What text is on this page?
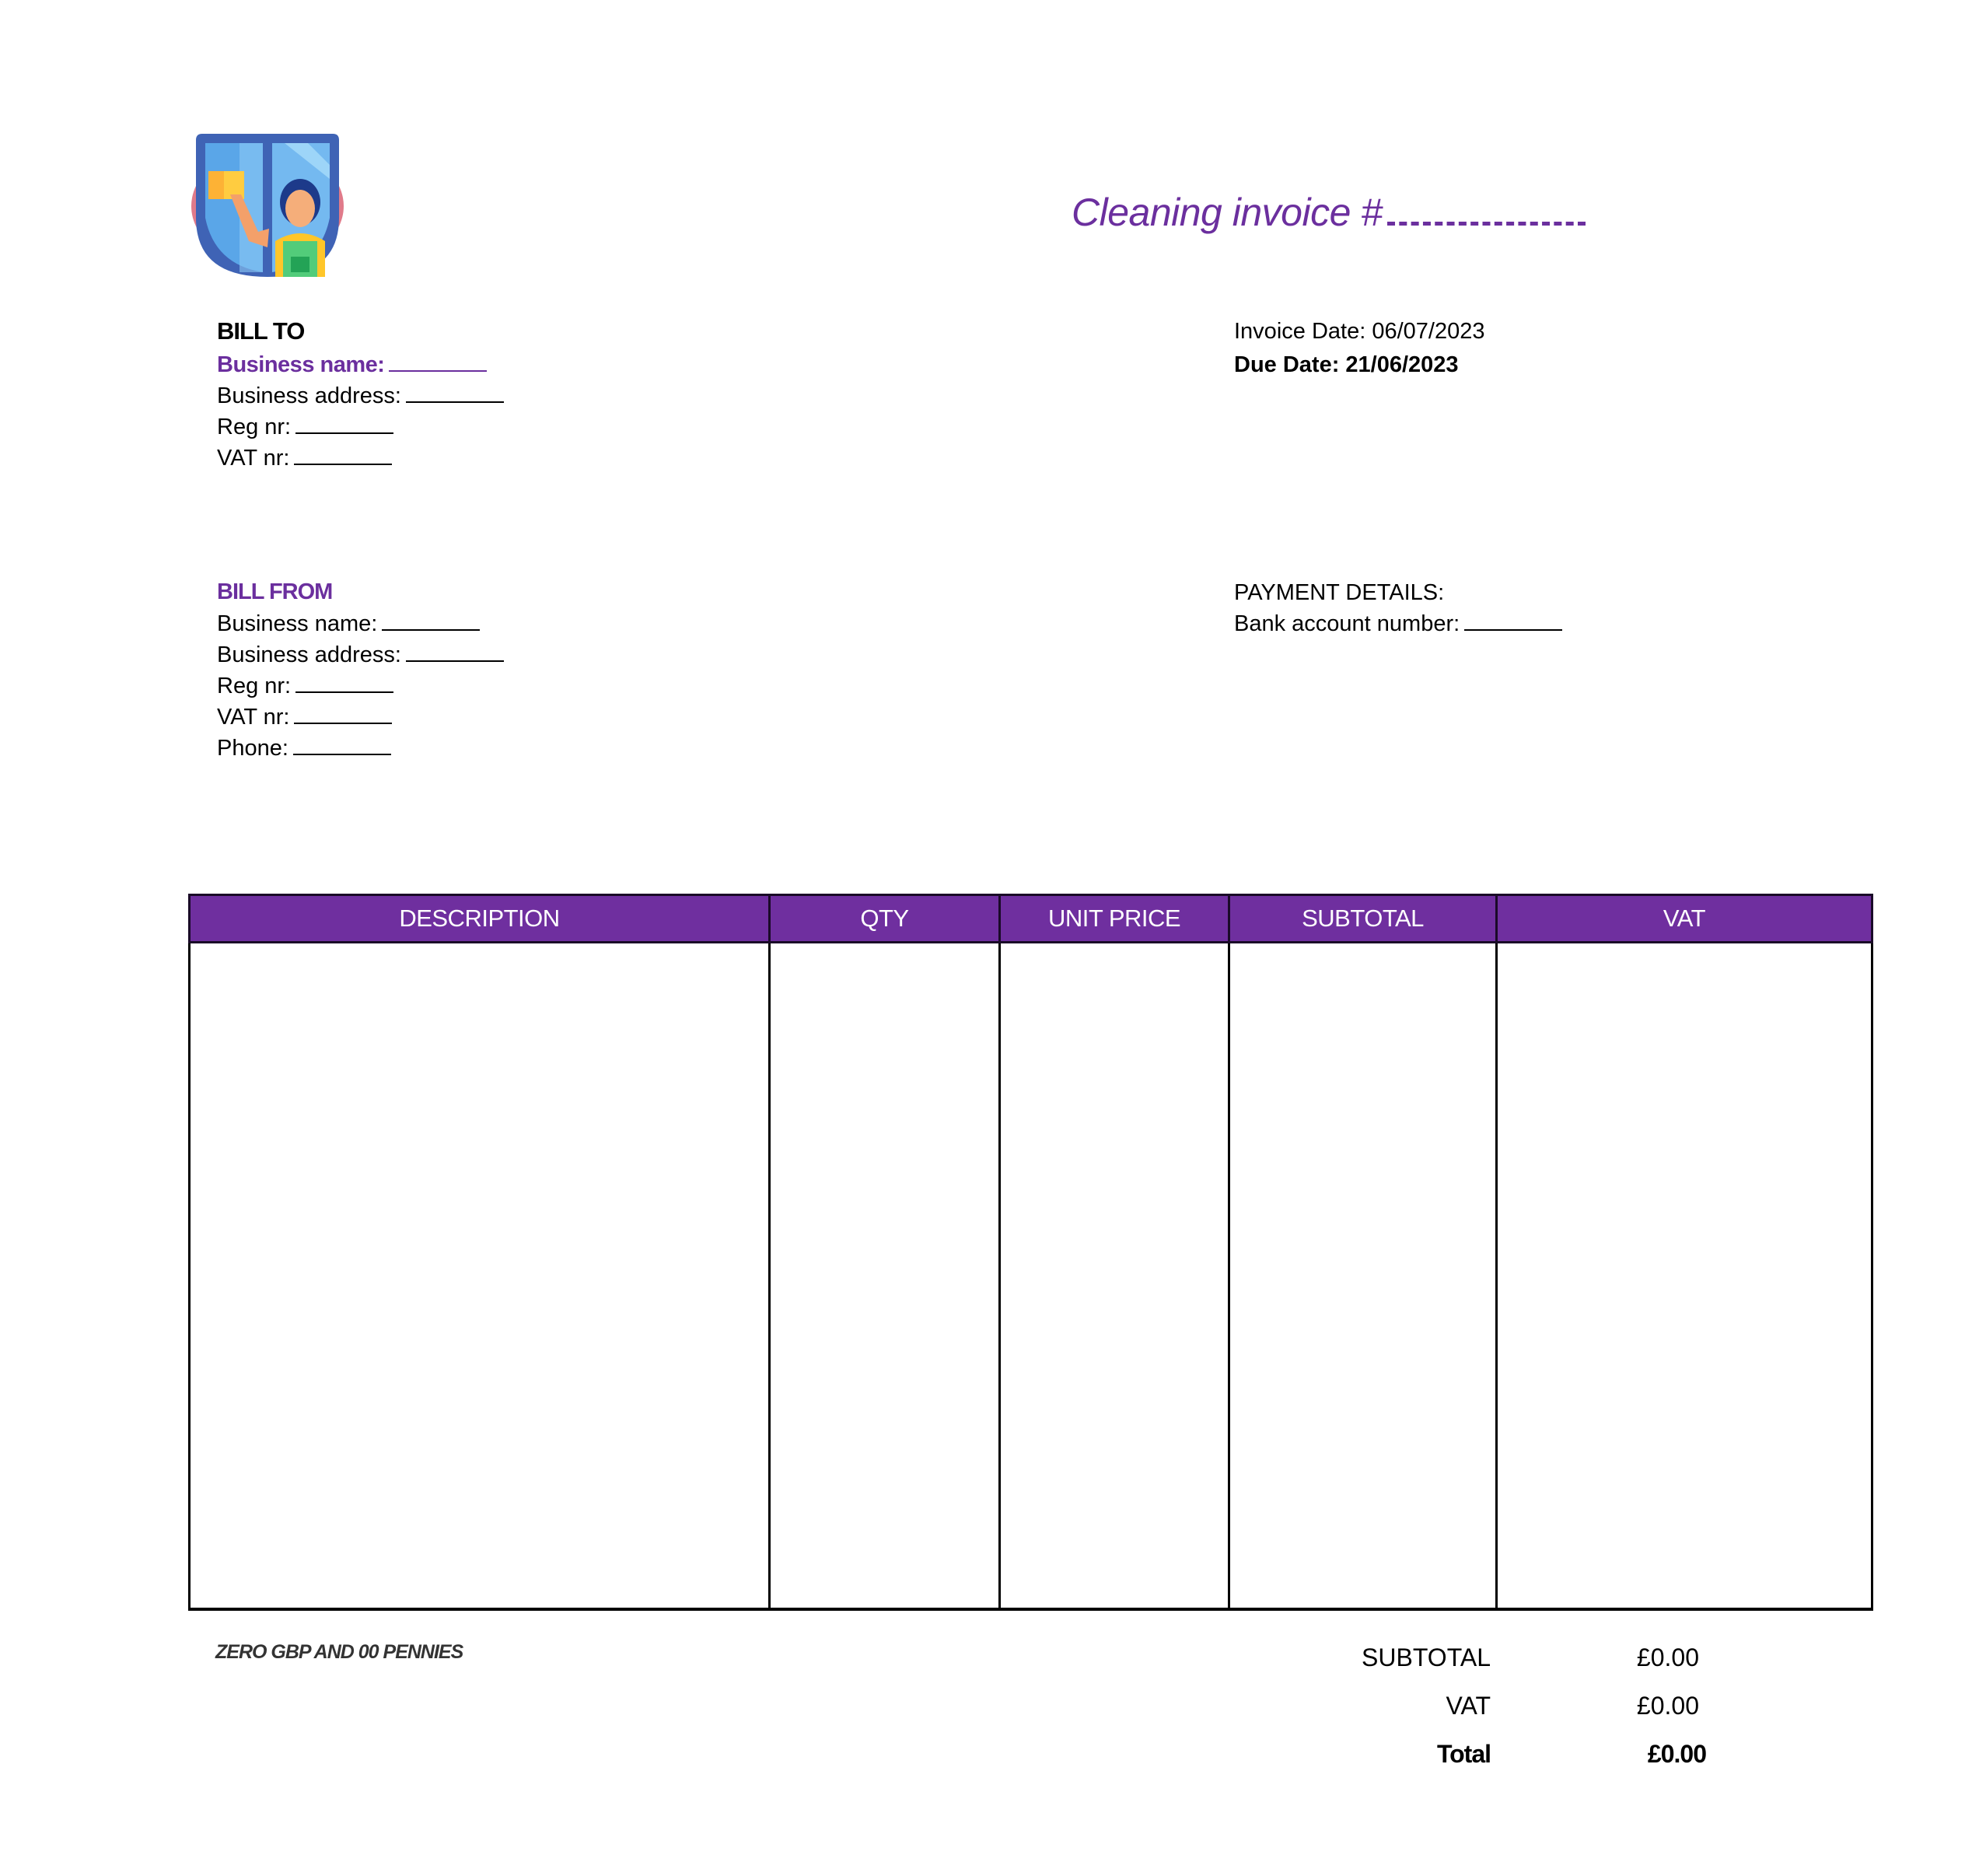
Cleaning invoice #
BILL TO
Business name:
Business address:
Reg nr:
VAT nr:
Invoice Date: 06/07/2023
Due Date: 21/06/2023
BILL FROM
Business name:
Business address:
Reg nr:
VAT nr:
Phone:
PAYMENT DETAILS:
Bank account number:
DESCRIPTION	QTY	UNIT PRICE	SUBTOTAL	VAT

ZERO GBP AND 00 PENNIES	SUBTOTAL	£0.00
VAT	£0.00
Total	£0.00
